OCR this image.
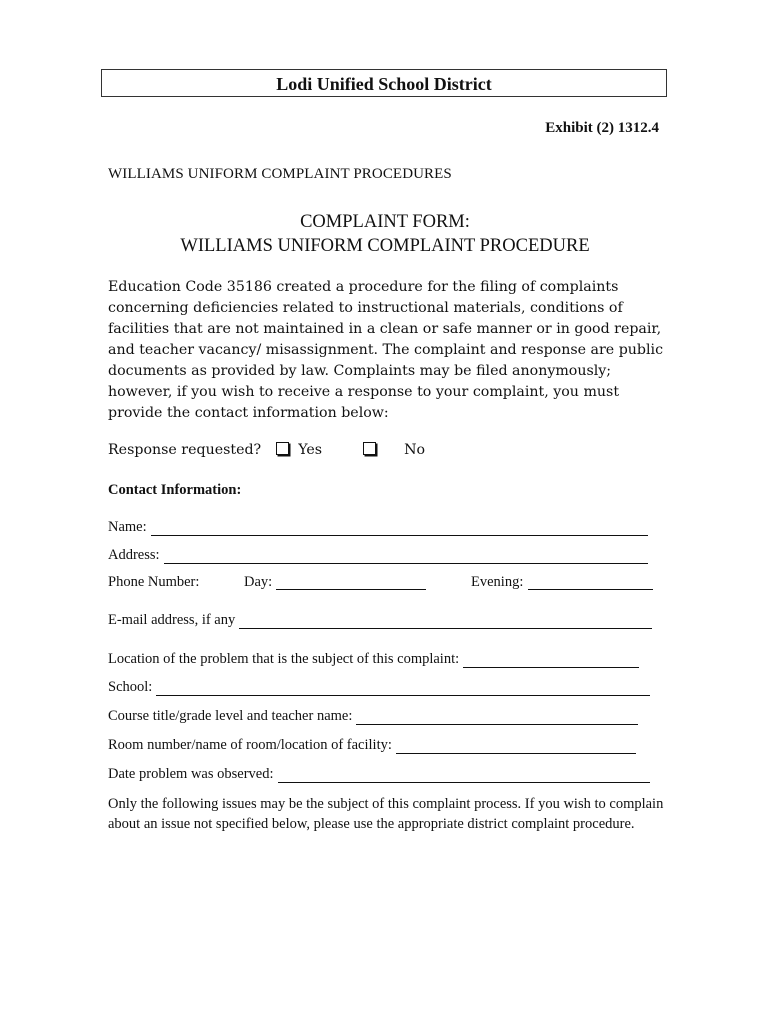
Lodi Unified School District
Exhibit (2) 1312.4
WILLIAMS UNIFORM COMPLAINT PROCEDURES
COMPLAINT FORM:
WILLIAMS UNIFORM COMPLAINT PROCEDURE

Education Code 35186 created a procedure for the filing of complaints concerning deficiencies related to instructional materials, conditions of facilities that are not maintained in a clean or safe manner or in good repair, and teacher vacancy/ misassignment. The complaint and response are public documents as provided by law. Complaints may be filed anonymously; however, if you wish to receive a response to your complaint, you must provide the contact information below:

Response requested?	Yes	No
Contact Information:
Name:
Address:
Phone Number:	Day:	Evening:
E-mail address, if any
Location of the problem that is the subject of this complaint:
School:
Course title/grade level and teacher name:
Room number/name of room/location of facility:
Date problem was observed:

Only the following issues may be the subject of this complaint process. If you wish to complain about an issue not specified below, please use the appropriate district complaint procedure.
